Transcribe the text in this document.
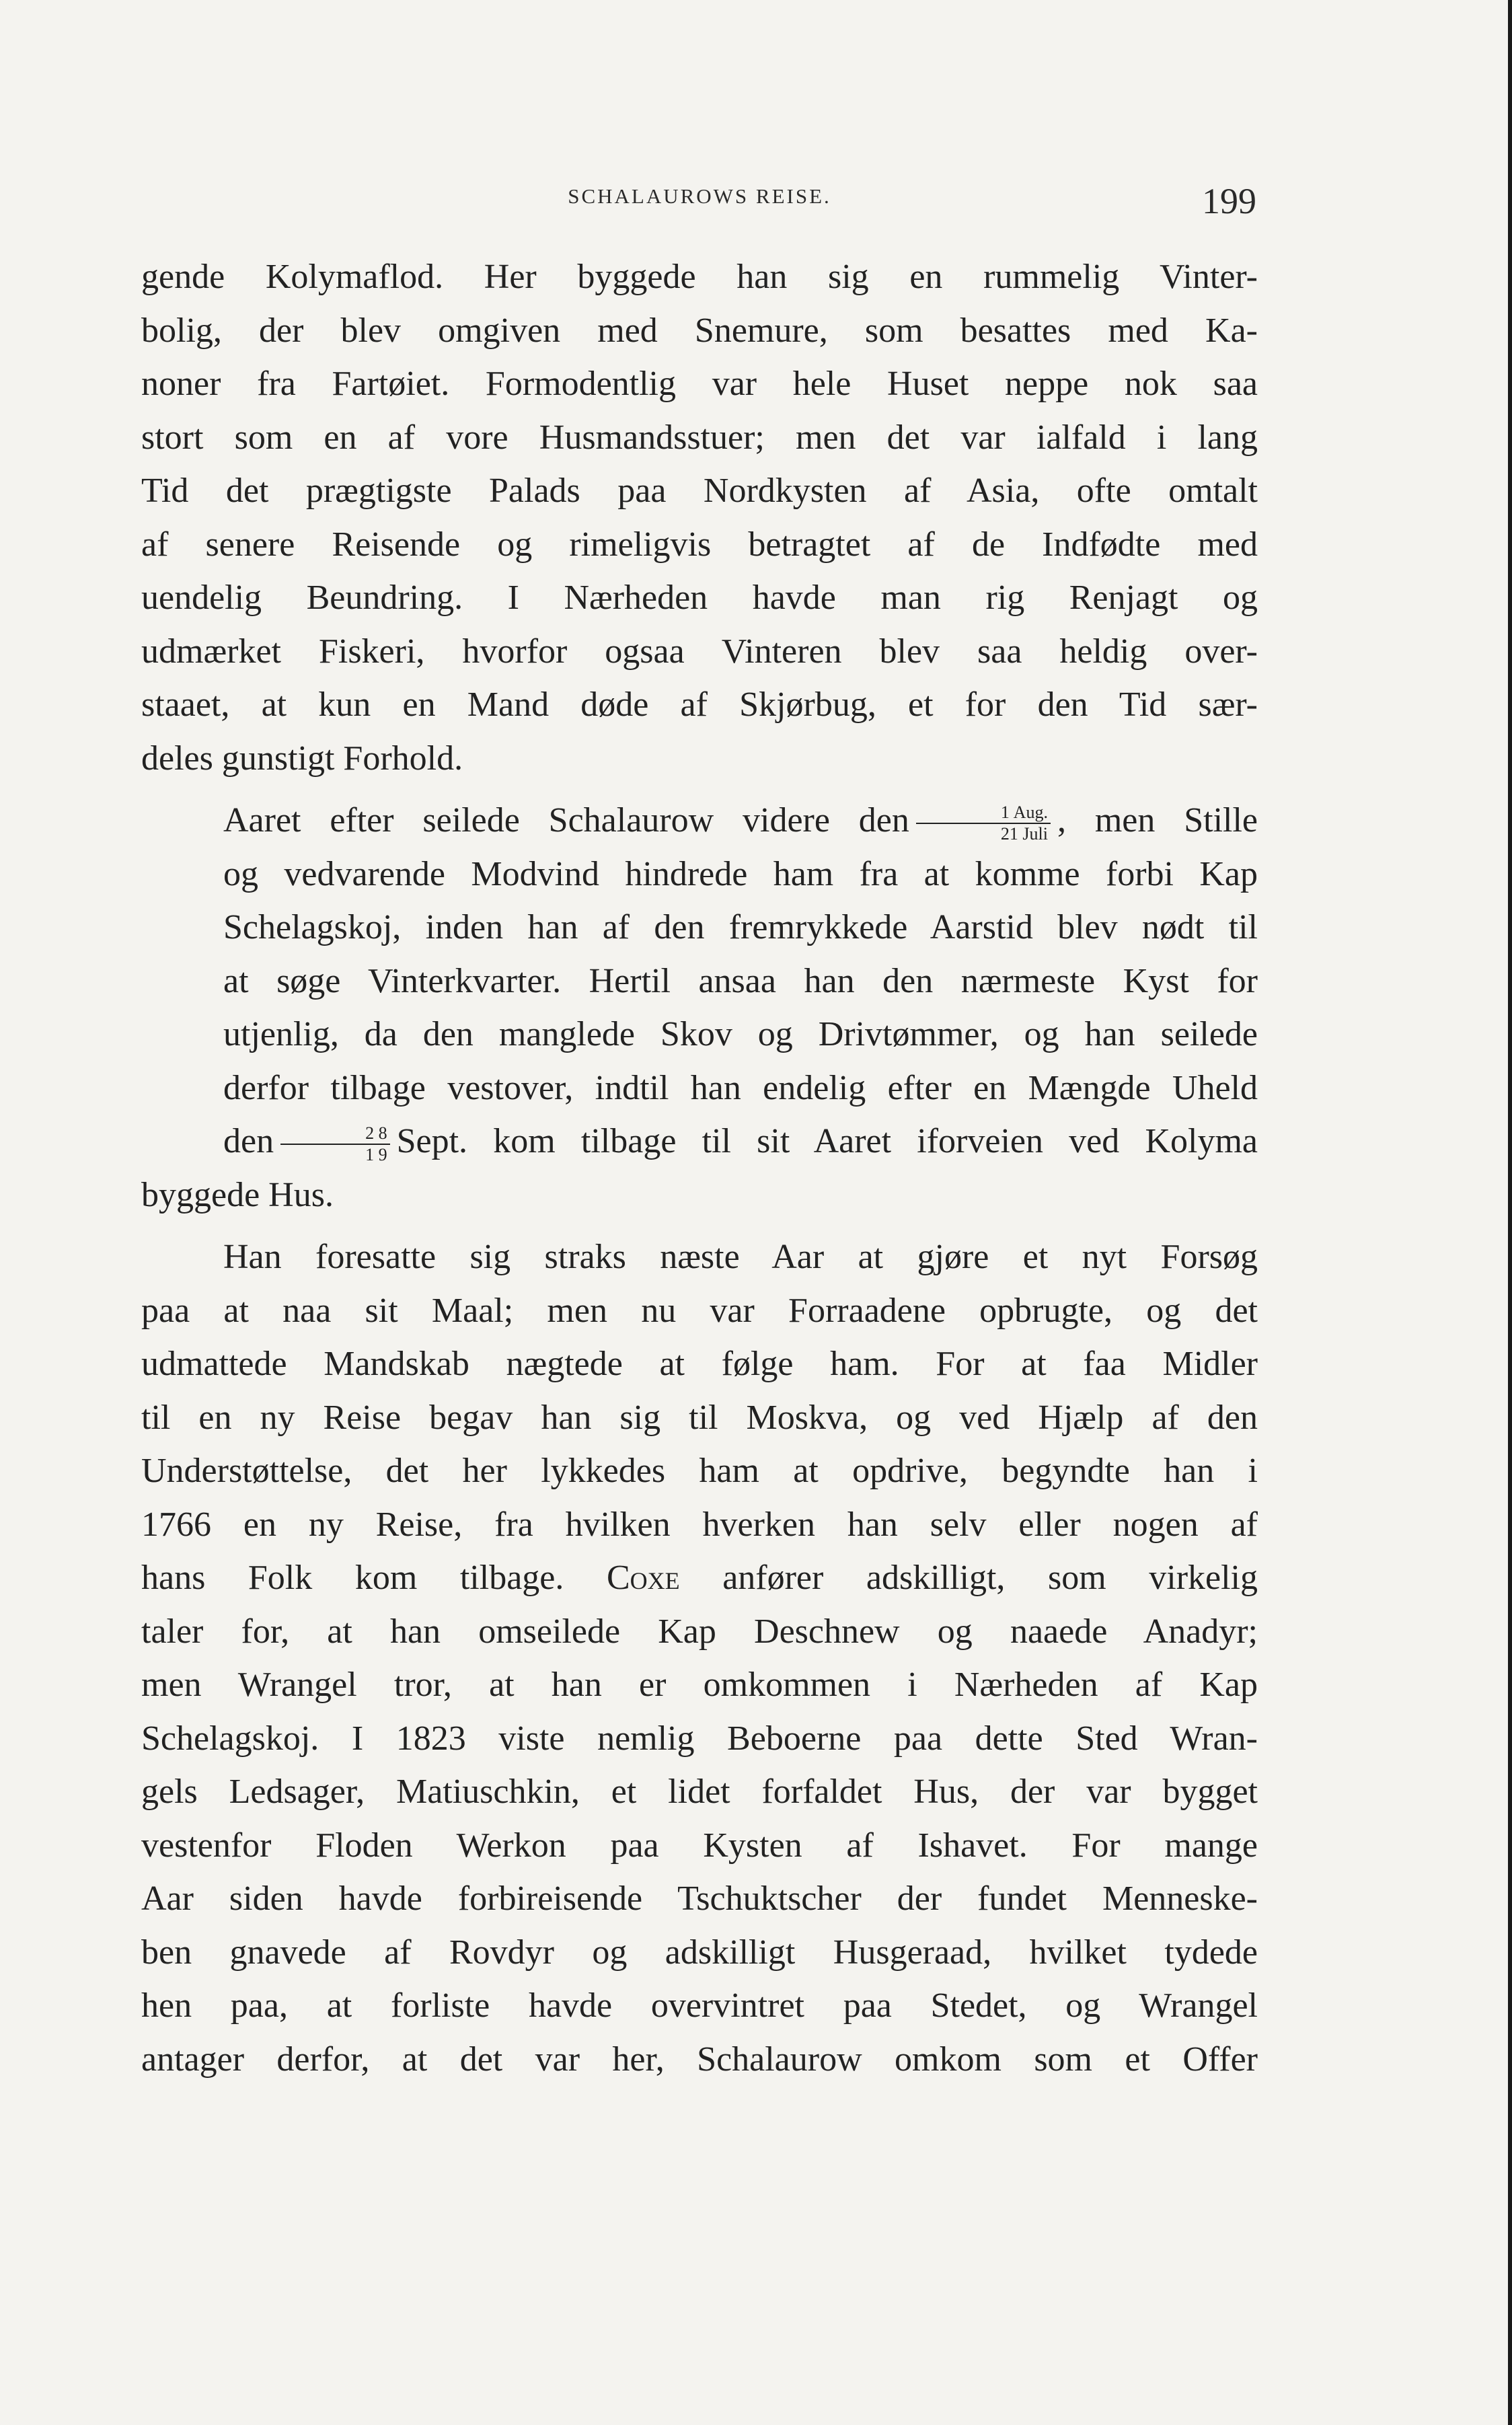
SCHALAUROWS REISE.	199
gende Kolymaflod. Her byggede han sig en rummelig Vinter-
bolig, der blev omgiven med Snemure, som besattes med Ka-
noner fra Fartøiet. Formodentlig var hele Huset neppe nok saa
stort som en af vore Husmandsstuer; men det var ialfald i lang
Tid det prægtigste Palads paa Nordkysten af Asia, ofte omtalt
af senere Reisende og rimeligvis betragtet af de Indfødte med
uendelig Beundring. I Nærheden havde man rig Renjagt og
udmærket Fiskeri, hvorfor ogsaa Vinteren blev saa heldig over-
staaet, at kun en Mand døde af Skjørbug, et for den Tid sær-
deles gunstigt Forhold.
Aaret efter seilede Schalaurow videre den $\frac{\text{1 Aug.}}{\text{21 Juli}}$ , men Stille
og vedvarende Modvind hindrede ham fra at komme forbi Kap
Schelagskoj, inden han af den fremrykkede Aarstid blev nødt til
at søge Vinterkvarter. Hertil ansaa han den nærmeste Kyst for
utjenlig, da den manglede Skov og Drivtømmer, og han seilede
derfor tilbage vestover, indtil han endelig efter en Mængde Uheld
den $\frac{2 8}{1 9}$ Sept. kom tilbage til sit Aaret iforveien ved Kolyma
byggede Hus.
Han foresatte sig straks næste Aar at gjøre et nyt Forsøg
paa at naa sit Maal; men nu var Forraadene opbrugte, og det
udmattede Mandskab nægtede at følge ham. For at faa Midler
til en ny Reise begav han sig til Moskva, og ved Hjælp af den
Understøttelse, det her lykkedes ham at opdrive, begyndte han i
1766 en ny Reise, fra hvilken hverken han selv eller nogen af
hans Folk kom tilbage. Coxe anfører adskilligt, som virkelig
taler for, at han omseilede Kap Deschnew og naaede Anadyr;
men Wrangel tror, at han er omkommen i Nærheden af Kap
Schelagskoj. I 1823 viste nemlig Beboerne paa dette Sted Wran-
gels Ledsager, Matiuschkin, et lidet forfaldet Hus, der var bygget
vestenfor Floden Werkon paa Kysten af Ishavet. For mange
Aar siden havde forbireisende Tschuktscher der fundet Menneske-
ben gnavede af Rovdyr og adskilligt Husgeraad, hvilket tydede
hen paa, at forliste havde overvintret paa Stedet, og Wrangel
antager derfor, at det var her, Schalaurow omkom som et Offer
